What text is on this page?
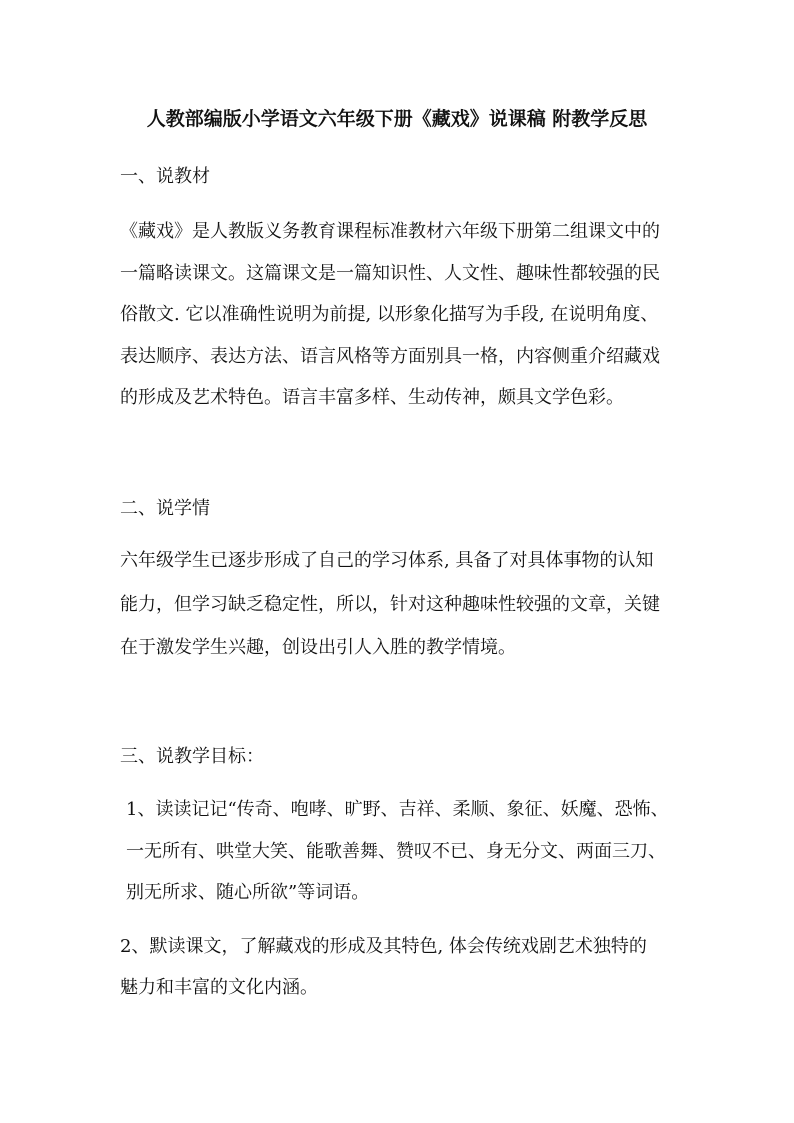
人教部编版小学语文六年级下册《藏戏》说课稿 附教学反思
一、说教材
《藏戏》是人教版义务教育课程标准教材六年级下册第二组课文中的
一篇略读课文。这篇课文是一篇知识性、人文性、趣味性都较强的民
俗散文. 它以准确性说明为前提, 以形象化描写为手段, 在说明角度、
表达顺序、表达方法、语言风格等方面别具一格，内容侧重介绍藏戏
的形成及艺术特色。语言丰富多样、生动传神，颇具文学色彩。
二、说学情
六年级学生已逐步形成了自己的学习体系, 具备了对具体事物的认知
能力，但学习缺乏稳定性，所以，针对这种趣味性较强的文章，关键
在于激发学生兴趣，创设出引人入胜的教学情境。
三、说教学目标：
1、读读记记“传奇、咆哮、旷野、吉祥、柔顺、象征、妖魔、恐怖、
一无所有、哄堂大笑、能歌善舞、赞叹不已、身无分文、两面三刀、
别无所求、随心所欲”等词语。
2、默读课文，了解藏戏的形成及其特色, 体会传统戏剧艺术独特的
魅力和丰富的文化内涵。
